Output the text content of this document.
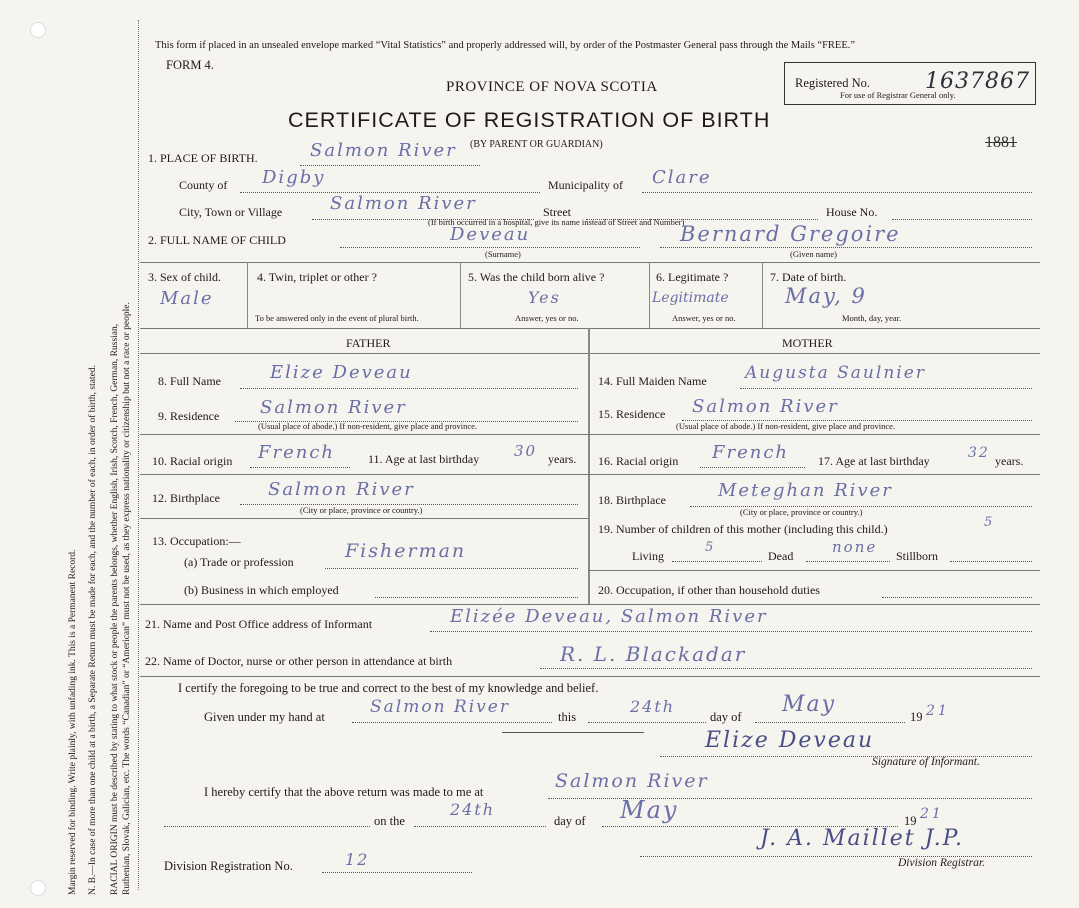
Margin reserved for binding. Write plainly, with unfading ink. This is a Permanent Record. N. B.—In case of more than one child at a birth, a Separate Return must be made for each, and the number of each, in order of birth, stated. RACIAL ORIGIN must be described by stating to what stock or people the parents belongs, whether English, Irish, Scotch, French, German, Russian, Ruthenian, Slovak, Galician, etc. The words “Canadian” or “American” must not be used, as they express nationality or citizenship but not a race or people.
This form if placed in an unsealed envelope marked “Vital Statistics” and properly addressed will, by order of the Postmaster General pass through the Mails “FREE.”
FORM 4.
PROVINCE OF NOVA SCOTIA
CERTIFICATE OF REGISTRATION OF BIRTH
(BY PARENT OR GUARDIAN)
Registered No.	1637867
For use of Registrar General only.
1881
1. PLACE OF BIRTH.	Salmon River
County of Digby	Municipality of Clare
City, Town or Village	Salmon River	Street
(If birth occurred in a hospital, give its name instead of Street and Number)
House No.
2. FULL NAME OF CHILD	Deveau
(Surname)
Bernard Gregoire
(Given name)
3. Sex of child.
Male
4. Twin, triplet or other ?
To be answered only in the event of plural birth.
5. Was the child born alive ?
Yes
Answer, yes or no.
6. Legitimate ?
Legitimate
Answer, yes or no.
7. Date of birth.
May, 9
Month, day, year.
FATHER	MOTHER
8. Full Name	Elize Deveau
9. Residence Salmon River
(Usual place of abode.) If non-resident, give place and province.
10. Racial origin French	11. Age at last birthday 30 years.
12. Birthplace	Salmon River
(City or place, province or country.)
13. Occupation:—
(a) Trade or profession	Fisherman
(b) Business in which employed
14. Full Maiden Name Augusta Saulnier
15. Residence Salmon River
(Usual place of abode.) If non-resident, give place and province.
16. Racial origin French 17. Age at last birthday	32 years.
18. Birthplace	Meteghan River
(City or place, province or country.)
19. Number of children of this mother (including this child.)	5
Living
5
Dead	none Stillborn
20. Occupation, if other than household duties
21. Name and Post Office address of Informant	Elizée Deveau, Salmon River
22. Name of Doctor, nurse or other person in attendance at birth	R. L. Blackadar
I certify the foregoing to be true and correct to the best of my knowledge and belief.
Given under my hand at	Salmon River	this
24th
day of May	19 21
Elize Deveau
Signature of Informant.
I hereby certify that the above return was made to me at	Salmon River
on the
24th
day of May	19 21
J. A. Maillet J.P.
Division Registrar.
Division Registration No.	12
